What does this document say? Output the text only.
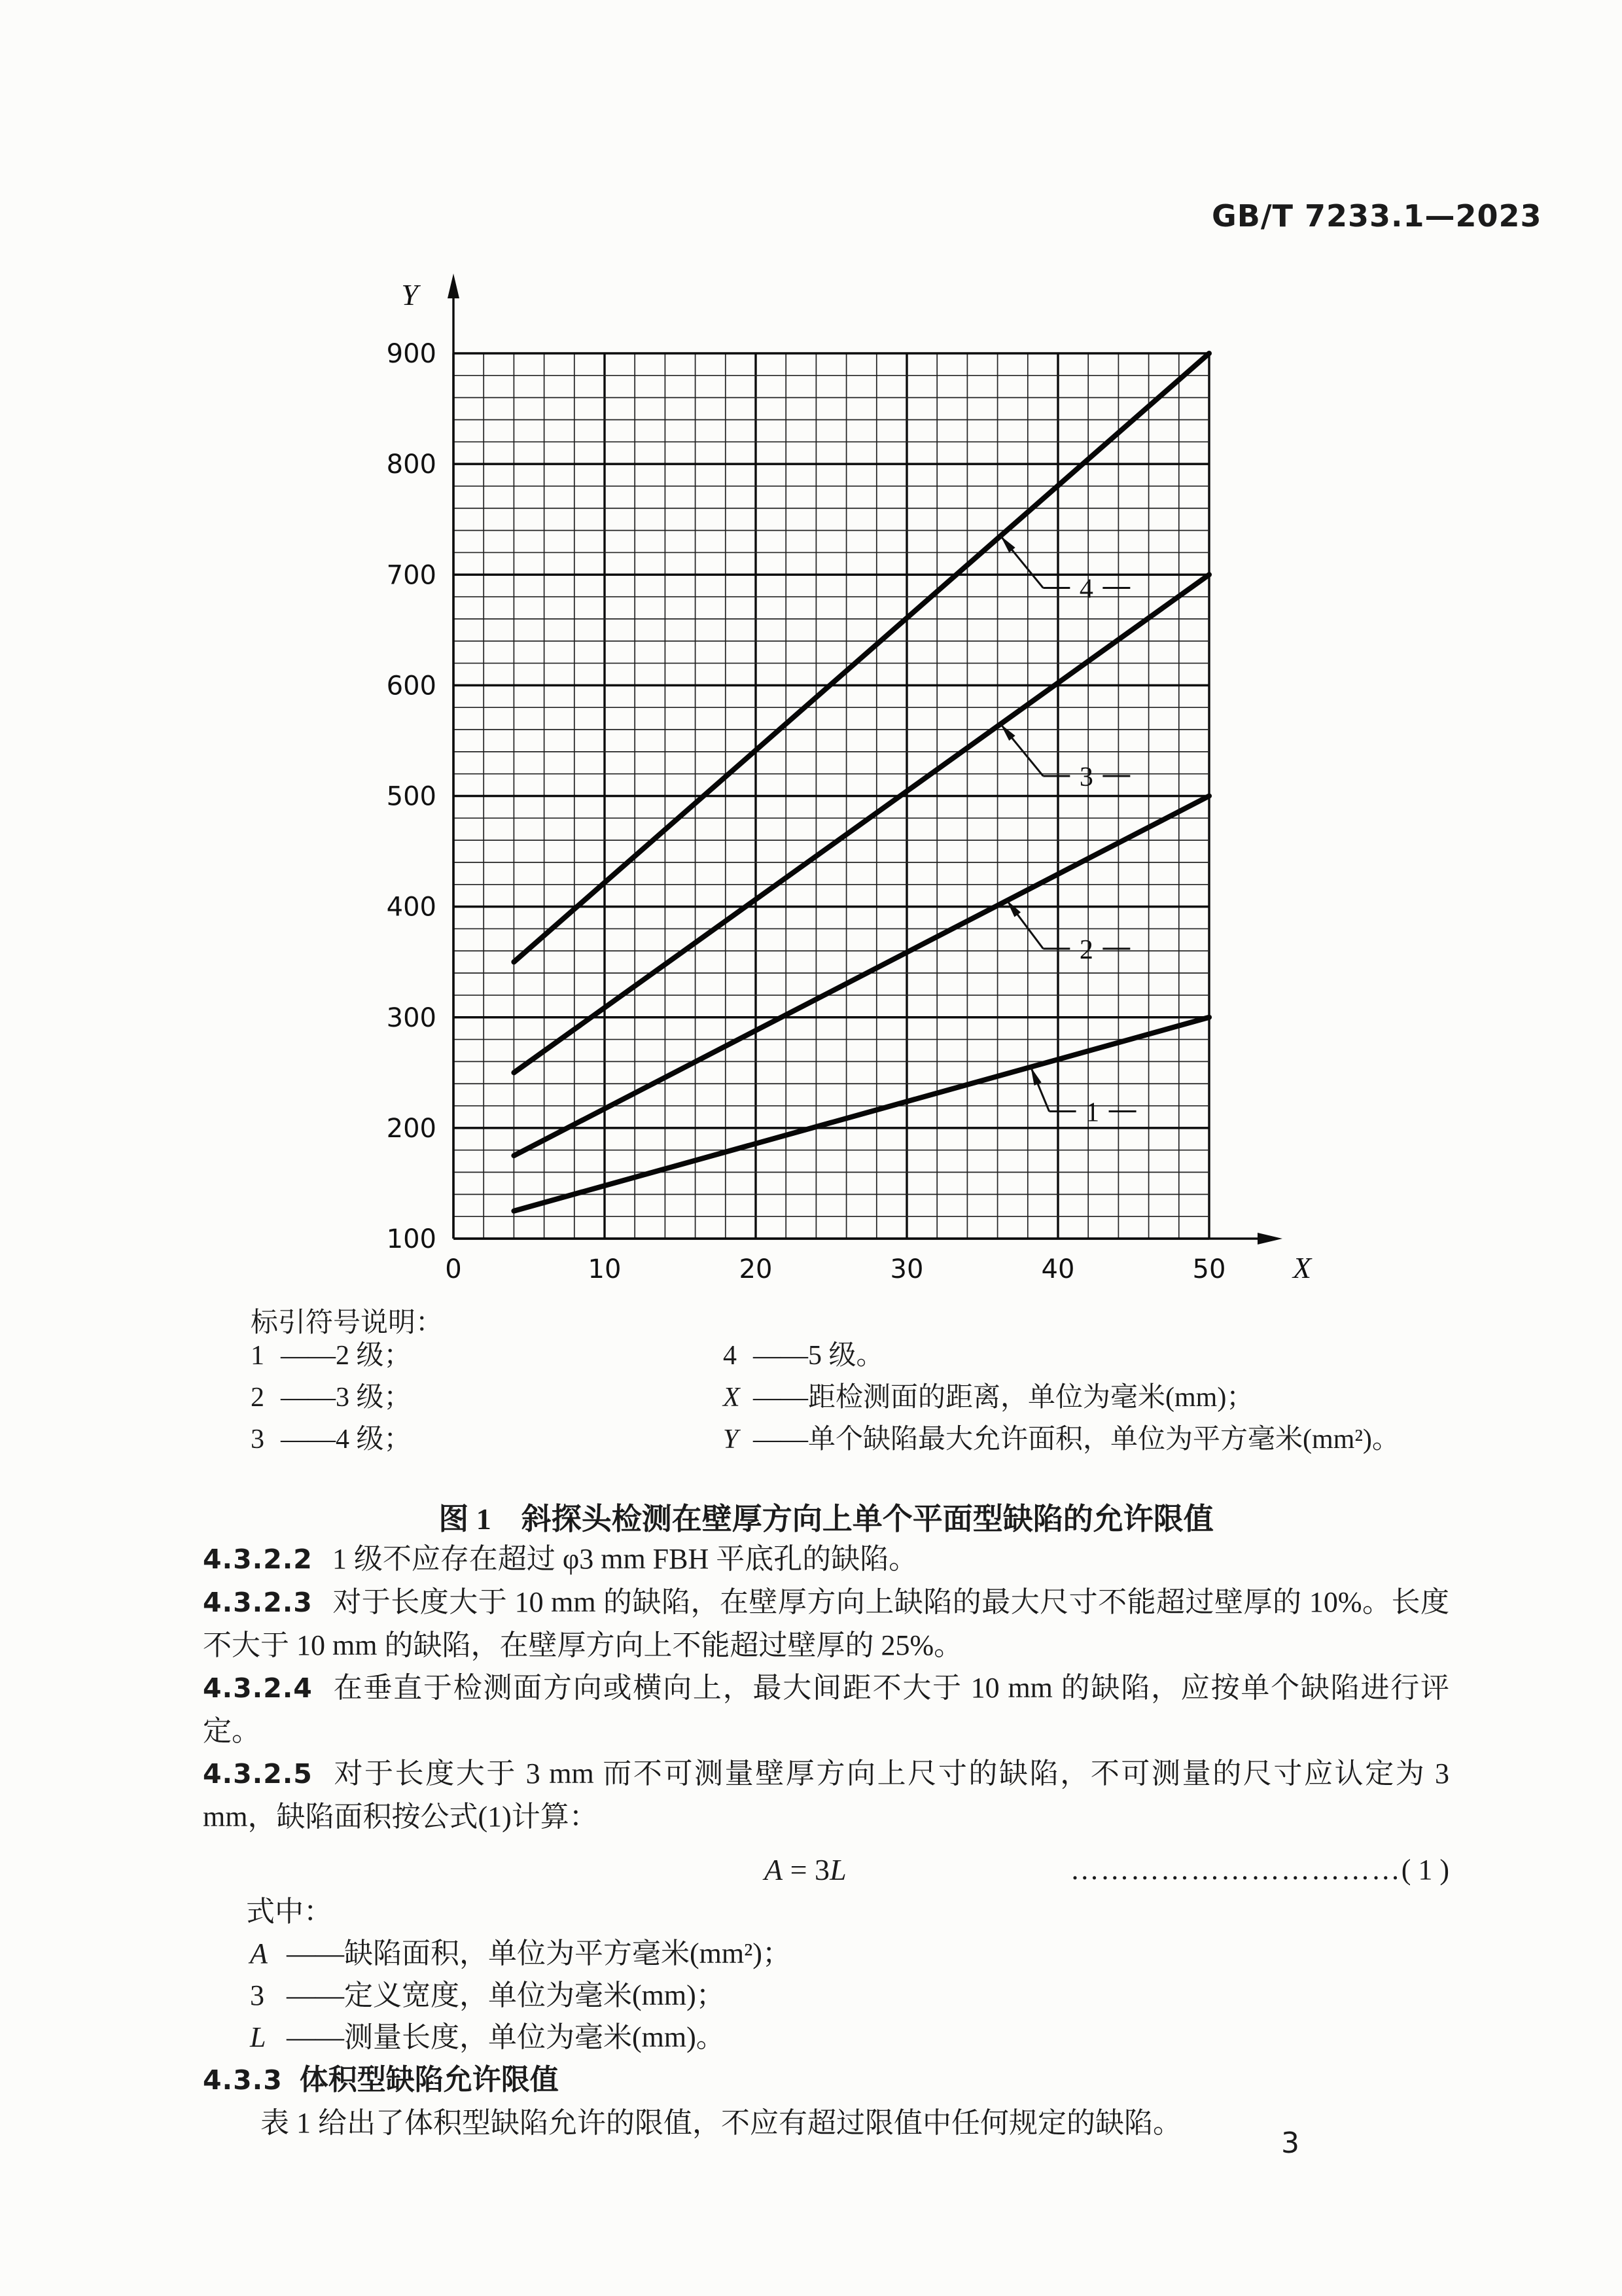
GB/T 7233.1—2023
0	10	20	30	40	50
100
200
300
400
500
600
700
800
900
Y
X
1
2
3
4
标引符号说明：
1 ——2 级；
2 ——3 级；
3 ——4 级；
4 ——5 级。
X ——距检测面的距离，单位为毫米(mm)；
Y ——单个缺陷最大允许面积，单位为平方毫米(mm²)。
图 1　斜探头检测在壁厚方向上单个平面型缺陷的允许限值

4.3.2.2 1 级不应存在超过 φ3 mm FBH 平底孔的缺陷。

4.3.2.3 对于长度大于 10 mm 的缺陷，在壁厚方向上缺陷的最大尺寸不能超过壁厚的 10%。长度不大于 10 mm 的缺陷，在壁厚方向上不能超过壁厚的 25%。

4.3.2.4 在垂直于检测面方向或横向上，最大间距不大于 10 mm 的缺陷，应按单个缺陷进行评定。

4.3.2.5 对于长度大于 3 mm 而不可测量壁厚方向上尺寸的缺陷，不可测量的尺寸应认定为 3 mm，缺陷面积按公式(1)计算：

A = 3L	……………………………( 1 )

式中：

A ——缺陷面积，单位为平方毫米(mm²)；
3 ——定义宽度，单位为毫米(mm)；
L ——测量长度，单位为毫米(mm)。

4.3.3 体积型缺陷允许限值

表 1 给出了体积型缺陷允许的限值，不应有超过限值中任何规定的缺陷。

3
